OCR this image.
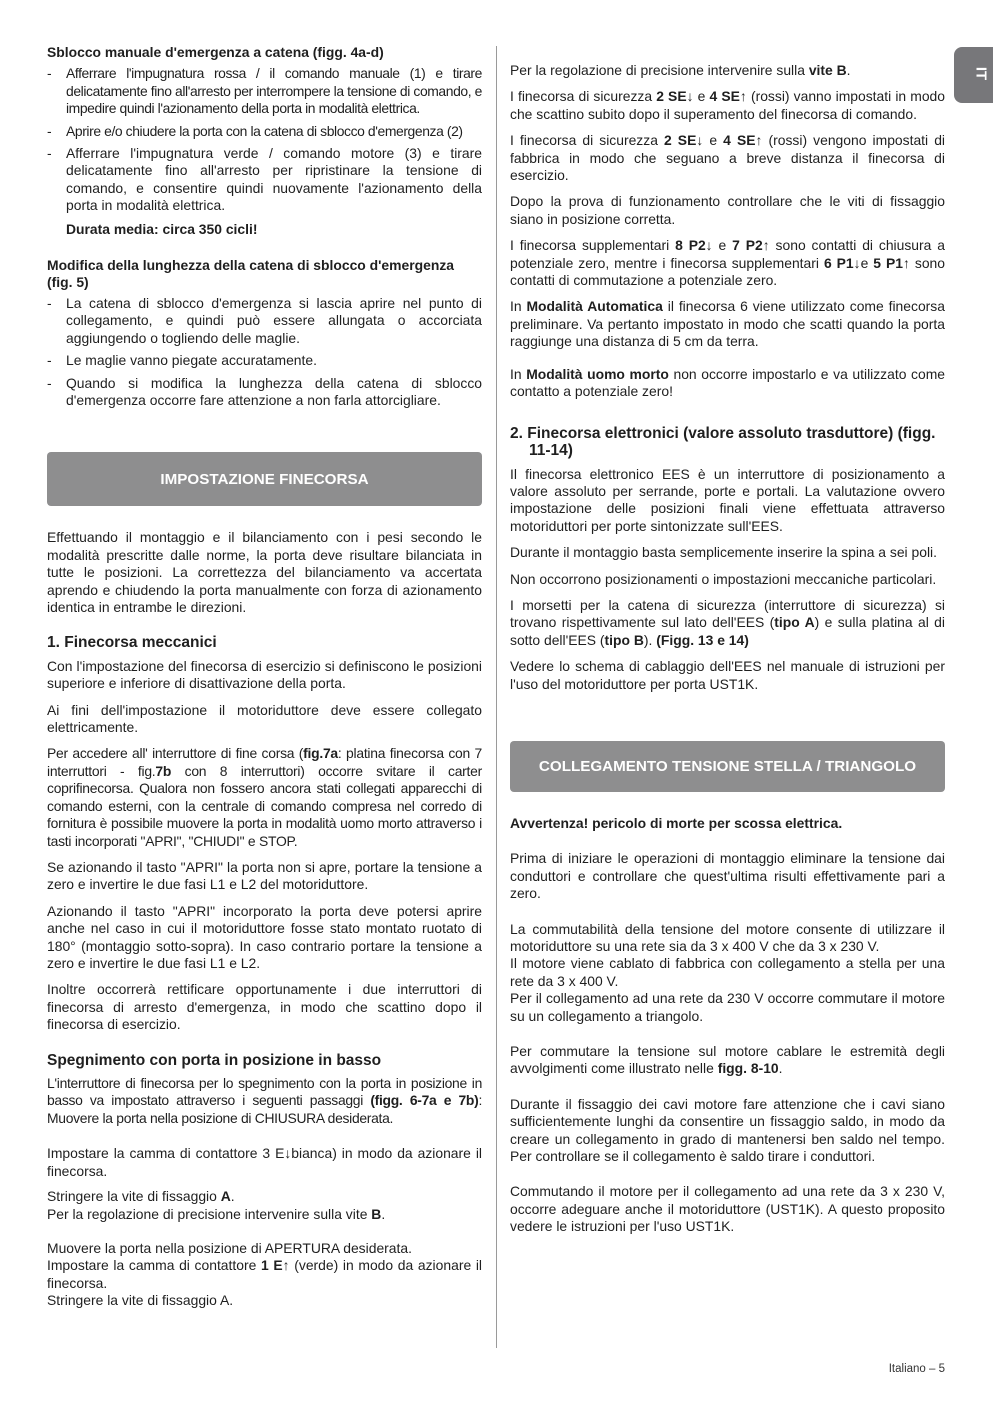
IT
Sblocco manuale d'emergenza a catena (figg. 4a-d)
- Afferrare l'impugnatura rossa / il comando manuale (1) e tirare delicatamente fino all'arresto per interrompere la tensione di comando, e impedire quindi l'azionamento della porta in modalità elettrica.
- Aprire e/o chiudere la porta con la catena di sblocco d'emergenza (2)
- Afferrare l'impugnatura verde / comando motore (3) e tirare delicatamente fino all'arresto per ripristinare la tensione di comando, e consentire quindi nuovamente l'azionamento della porta in modalità elettrica.

Durata media: circa 350 cicli!

Modifica della lunghezza della catena di sblocco d'emergenza (fig. 5)
- La catena di sblocco d'emergenza si lascia aprire nel punto di collegamento, e quindi può essere allungata o accorciata aggiungendo o togliendo delle maglie.
- Le maglie vanno piegate accuratamente.
- Quando si modifica la lunghezza della catena di sblocco d'emergenza occorre fare attenzione a non farla attorcigliare.
IMPOSTAZIONE FINECORSA

Effettuando il montaggio e il bilanciamento con i pesi secondo le modalità prescritte dalle norme, la porta deve risultare bilanciata in tutte le posizioni. La correttezza del bilanciamento va accertata aprendo e chiudendo la porta manualmente con forza di azionamento identica in entrambe le direzioni.

1. Finecorsa meccanici

Con l'impostazione del finecorsa di esercizio si definiscono le posizioni superiore e inferiore di disattivazione della porta.

Ai fini dell'impostazione il motoriduttore deve essere collegato elettricamente.

Per accedere all' interruttore di fine corsa (fig.7a: platina finecorsa con 7 interruttori - fig.7b con 8 interruttori) occorre svitare il carter coprifinecorsa. Qualora non fossero ancora stati collegati apparecchi di comando esterni, con la centrale di comando compresa nel corredo di fornitura è possibile muovere la porta in modalità uomo morto attraverso i tasti incorporati "APRI", "CHIUDI" e STOP.

Se azionando il tasto "APRI" la porta non si apre, portare la tensione a zero e invertire le due fasi L1 e L2 del motoriduttore.

Azionando il tasto "APRI" incorporato la porta deve potersi aprire anche nel caso in cui il motoriduttore fosse stato montato ruotato di 180° (montaggio sotto-sopra). In caso contrario portare la tensione a zero e invertire le due fasi L1 e L2.

Inoltre occorrerà rettificare opportunamente i due interruttori di finecorsa di arresto d'emergenza, in modo che scattino dopo il finecorsa di esercizio.

Spegnimento con porta in posizione in basso

L'interruttore di finecorsa per lo spegnimento con la porta in posizione in basso va impostato attraverso i seguenti passaggi (figg. 6-7a e 7b): Muovere la porta nella posizione di CHIUSURA desiderata.

Impostare la camma di contattore 3 E↓bianca) in modo da azionare il finecorsa.

Stringere la vite di fissaggio A.

Per la regolazione di precisione intervenire sulla vite B.

Muovere la porta nella posizione di APERTURA desiderata.

Impostare la camma di contattore 1 E↑ (verde) in modo da azionare il finecorsa.

Stringere la vite di fissaggio A.

Per la regolazione di precisione intervenire sulla vite B.

I finecorsa di sicurezza 2 SE↓ e 4 SE↑ (rossi) vanno impostati in modo che scattino subito dopo il superamento del finecorsa di comando.

I finecorsa di sicurezza 2 SE↓ e 4 SE↑ (rossi) vengono impostati di fabbrica in modo che seguano a breve distanza il finecorsa di esercizio.

Dopo la prova di funzionamento controllare che le viti di fissaggio siano in posizione corretta.

I finecorsa supplementari 8 P2↓ e 7 P2↑ sono contatti di chiusura a potenziale zero, mentre i finecorsa supplementari 6 P1↓e 5 P1↑ sono contatti di commutazione a potenziale zero.

In Modalità Automatica il finecorsa 6 viene utilizzato come finecorsa preliminare. Va pertanto impostato in modo che scatti quando la porta raggiunge una distanza di 5 cm da terra.

In Modalità uomo morto non occorre impostarlo e va utilizzato come contatto a potenziale zero!

2. Finecorsa elettronici (valore assoluto trasduttore) (figg. 11-14)

Il finecorsa elettronico EES è un interruttore di posizionamento a valore assoluto per serrande, porte e portali. La valutazione ovvero impostazione delle posizioni finali viene effettuata attraverso motoriduttori per porte sintonizzate sull'EES.

Durante il montaggio basta semplicemente inserire la spina a sei poli.

Non occorrono posizionamenti o impostazioni meccaniche particolari.

I morsetti per la catena di sicurezza (interruttore di sicurezza) si trovano rispettivamente sul lato dell'EES (tipo A) e sulla platina al di sotto dell'EES (tipo B). (Figg. 13 e 14)

Vedere lo schema di cablaggio dell'EES nel manuale di istruzioni per l'uso del motoriduttore per porta UST1K.

COLLEGAMENTO TENSIONE STELLA / TRIANGOLO
Avvertenza! pericolo di morte per scossa elettrica.

Prima di iniziare le operazioni di montaggio eliminare la tensione dai conduttori e controllare che quest'ultima risulti effettivamente pari a zero.

La commutabilità della tensione del motore consente di utilizzare il motoriduttore su una rete sia da 3 x 400 V che da 3 x 230 V.

Il motore viene cablato di fabbrica con collegamento a stella per una rete da 3 x 400 V.

Per il collegamento ad una rete da 230 V occorre commutare il motore su un collegamento a triangolo.

Per commutare la tensione sul motore cablare le estremità degli avvolgimenti come illustrato nelle figg. 8-10.

Durante il fissaggio dei cavi motore fare attenzione che i cavi siano sufficientemente lunghi da consentire un fissaggio saldo, in modo da creare un collegamento in grado di mantenersi ben saldo nel tempo. Per controllare se il collegamento è saldo tirare i conduttori.

Commutando il motore per il collegamento ad una rete da 3 x 230 V, occorre adeguare anche il motoriduttore (UST1K). A questo proposito vedere le istruzioni per l'uso UST1K.

Italiano – 5
